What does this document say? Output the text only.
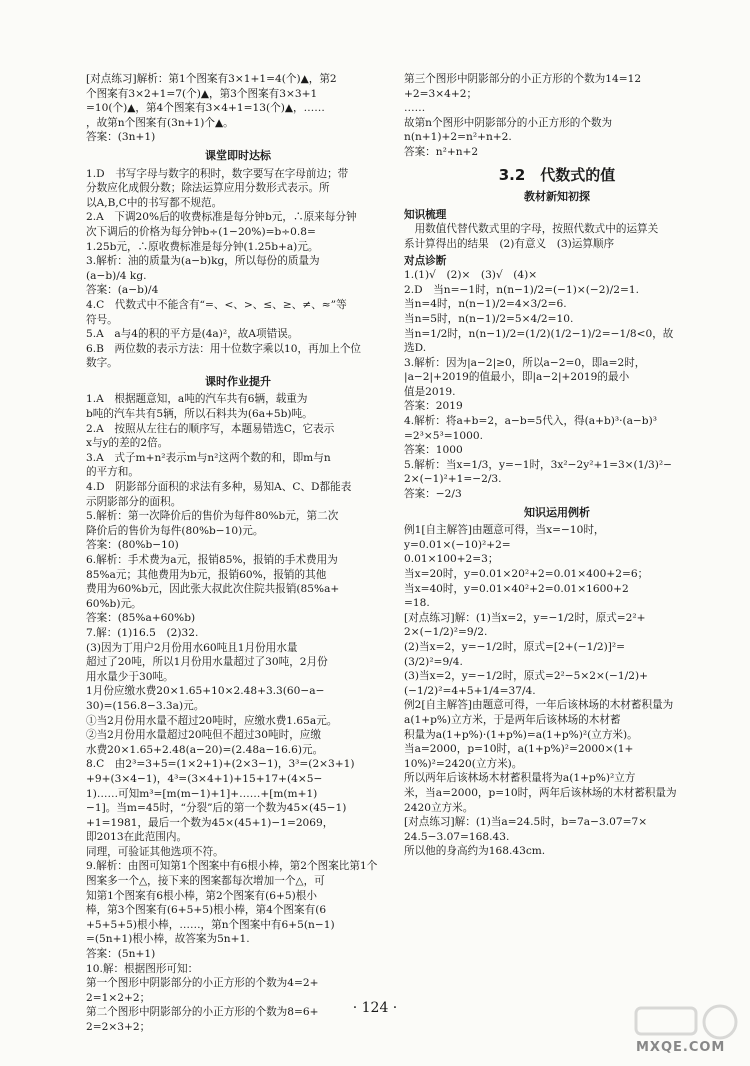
[对点练习]解析：第1个图案有3×1+1=4(个)▲，第2
个图案有3×2+1=7(个)▲，第3个图案有3×3+1
=10(个)▲，第4个图案有3×4+1=13(个)▲，……
，故第n个图案有(3n+1)个▲。
答案：(3n+1)
课堂即时达标
1.D　书写字母与数字的积时，数字要写在字母前边；带
分数应化成假分数；除法运算应用分数形式表示。所
以A,B,C中的书写都不规范。
2.A　下调20%后的收费标准是每分钟b元，∴原来每分钟
次下调后的价格为每分钟b÷(1−20%)=b÷0.8=
1.25b元，∴原收费标准是每分钟(1.25b+a)元。
3.解析：油的质量为(a−b)kg，所以每份的质量为
(a−b)/4 kg.
答案：(a−b)/4
4.C　代数式中不能含有“=、<、>、≤、≥、≠、≈”等
符号。
5.A　a与4的积的平方是(4a)²，故A项错误。
6.B　两位数的表示方法：用十位数字乘以10，再加上个位
数字。
课时作业提升
1.A　根据题意知，a吨的汽车共有6辆，载重为
b吨的汽车共有5辆，所以石料共为(6a+5b)吨。
2.A　按照从左往右的顺序写，本题易错选C，它表示
x与y的差的2倍。
3.A　式子m+n²表示m与n²这两个数的和，即m与n
的平方和。
4.D　阴影部分面积的求法有多种，易知A、C、D都能表
示阴影部分的面积。
5.解析：第一次降价后的售价为每件80%b元，第二次
降价后的售价为每件(80%b−10)元。
答案：(80%b−10)
6.解析：手术费为a元，报销85%，报销的手术费用为
85%a元；其他费用为b元，报销60%，报销的其他
费用为60%b元，因此张大叔此次住院共报销(85%a+
60%b)元。
答案：(85%a+60%b)
7.解：(1)16.5　(2)32.
(3)因为丁用户2月份用水60吨且1月份用水量
超过了20吨，所以1月份用水量超过了30吨，2月份
用水量少于30吨。
1月份应缴水费20×1.65+10×2.48+3.3(60−a−
30)=(156.8−3.3a)元。
①当2月份用水量不超过20吨时，应缴水费1.65a元。
②当2月份用水量超过20吨但不超过30吨时，应缴
水费20×1.65+2.48(a−20)=(2.48a−16.6)元。
8.C　由2³=3+5=(1×2+1)+(2×3−1)，3³=(2×3+1)
+9+(3×4−1)，4³=(3×4+1)+15+17+(4×5−
1)……可知m³=[m(m−1)+1]+……+[m(m+1)
−1]。当m=45时，“分裂”后的第一个数为45×(45−1)
+1=1981，最后一个数为45×(45+1)−1=2069，
即2013在此范围内。
同理，可验证其他选项不符。
9.解析：由图可知第1个图案中有6根小棒，第2个图案比第1个
图案多一个△，接下来的图案都每次增加一个△，可
知第1个图案有6根小棒，第2个图案有(6+5)根小
棒，第3个图案有(6+5+5)根小棒，第4个图案有(6
+5+5+5)根小棒，……，第n个图案中有6+5(n−1)
=(5n+1)根小棒，故答案为5n+1.
答案：(5n+1)
10.解：根据图形可知：
第一个图形中阴影部分的小正方形的个数为4=2+
2=1×2+2；
第二个图形中阴影部分的小正方形的个数为8=6+
2=2×3+2；
第三个图形中阴影部分的小正方形的个数为14=12
+2=3×4+2；
……
故第n个图形中阴影部分的小正方形的个数为
n(n+1)+2=n²+n+2.
答案：n²+n+2
3.2　代数式的值
教材新知初探
知识梳理
　用数值代替代数式里的字母，按照代数式中的运算关
系计算得出的结果　(2)有意义　(3)运算顺序
对点诊断
1.(1)√　(2)×　(3)√　(4)×
2.D　当n=−1时，n(n−1)/2=(−1)×(−2)/2=1.
当n=4时，n(n−1)/2=4×3/2=6.
当n=5时，n(n−1)/2=5×4/2=10.
当n=1/2时，n(n−1)/2=(1/2)(1/2−1)/2=−1/8<0，故
选D.
3.解析：因为|a−2|≥0，所以a−2=0，即a=2时，
|a−2|+2019的值最小，即|a−2|+2019的最小
值是2019.
答案：2019
4.解析：将a+b=2，a−b=5代入，得(a+b)³·(a−b)³
=2³×5³=1000.
答案：1000
5.解析：当x=1/3，y=−1时，3x²−2y²+1=3×(1/3)²−
2×(−1)²+1=−2/3.
答案：−2/3
知识运用例析
例1[自主解答]由题意可得，当x=−10时，y=0.01×(−10)²+2=
0.01×100+2=3；
当x=20时，y=0.01×20²+2=0.01×400+2=6；
当x=40时，y=0.01×40²+2=0.01×1600+2
=18.
[对点练习]解：(1)当x=2，y=−1/2时，原式=2²+
2×(−1/2)²=9/2.
(2)当x=2，y=−1/2时，原式=[2+(−1/2)]²=
(3/2)²=9/4.
(3)当x=2，y=−1/2时，原式=2²−5×2×(−1/2)+
(−1/2)²=4+5+1/4=37/4.
例2[自主解答]由题意可得，一年后该林场的木材蓄积量为
a(1+p%)立方米，于是两年后该林场的木材蓄
积量为a(1+p%)·(1+p%)=a(1+p%)²(立方米)。
当a=2000，p=10时，a(1+p%)²=2000×(1+
10%)²=2420(立方米)。
所以两年后该林场木材蓄积量将为a(1+p%)²立方
米，当a=2000，p=10时，两年后该林场的木材蓄积量为
2420立方米。
[对点练习]解：(1)当a=24.5时，b=7a−3.07=7×
24.5−3.07=168.43.
所以他的身高约为168.43cm.
· 124 ·
MXQE.COM
